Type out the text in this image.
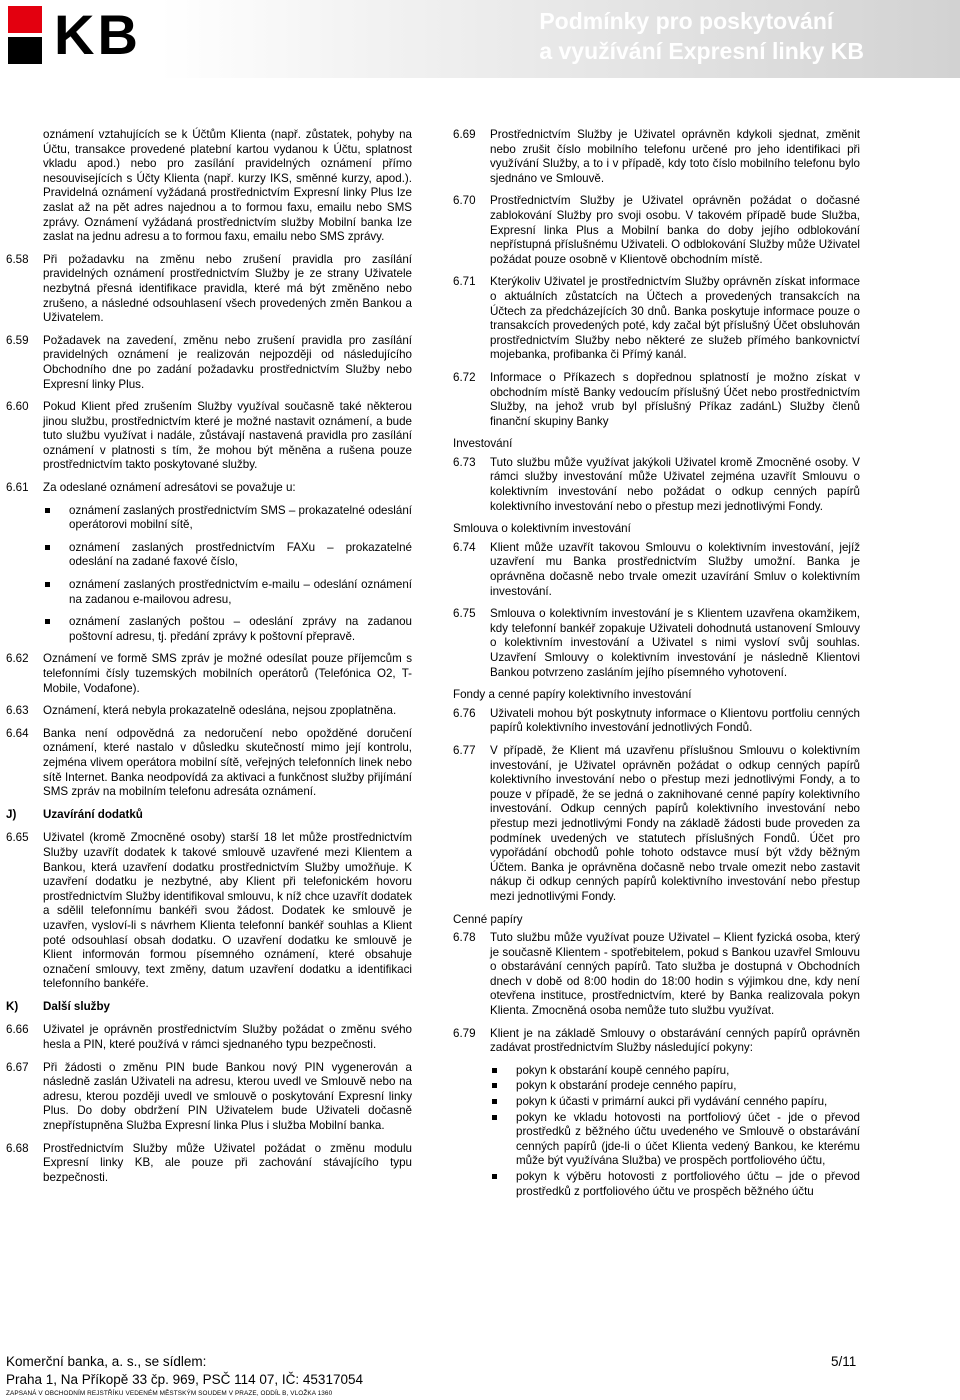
KB	Podmínky pro poskytování
a využívání Expresní linky KB

oznámení vztahujících se k Účtům Klienta (např. zůstatek, pohyby na Účtu, transakce provedené platební kartou vydanou k Účtu, splatnost vkladu apod.) nebo pro zasílání pravidelných oznámení přímo nesouvisejících s Účty Klienta (např. kurzy IKS, směnné kurzy, apod.). Pravidelná oznámení vyžádaná prostřednictvím Expresní linky Plus lze zaslat až na pět adres najednou a to formou faxu, emailu nebo SMS zprávy. Oznámení vyžádaná prostřednictvím služby Mobilní banka lze zaslat na jednu adresu a to formou faxu, emailu nebo SMS zprávy.

6.58	Při požadavku na změnu nebo zrušení pravidla pro zasílání pravidelných oznámení prostřednictvím Služby je ze strany Uživatele nezbytná přesná identifikace pravidla, které má být změněno nebo zrušeno, a následné odsouhlasení všech provedených změn Bankou a Uživatelem.
6.59	Požadavek na zavedení, změnu nebo zrušení pravidla pro zasílání pravidelných oznámení je realizován nejpozději od následujícího Obchodního dne po zadání požadavku prostřednictvím Služby nebo Expresní linky Plus.
6.60	Pokud Klient před zrušením Služby využíval současně také některou jinou službu, prostřednictvím které je možné nastavit oznámení, a bude tuto službu využívat i nadále, zůstávají nastavená pravidla pro zasílání oznámení v platnosti s tím, že mohou být měněna a rušena pouze prostřednictvím takto poskytované služby.
6.61	Za odeslané oznámení adresátovi se považuje u:
oznámení zaslaných prostřednictvím SMS – prokazatelné odeslání operátorovi mobilní sítě,
oznámení zaslaných prostřednictvím FAXu – prokazatelné odeslání na zadané faxové číslo,
oznámení zaslaných prostřednictvím e-mailu – odeslání oznámení na zadanou e-mailovou adresu,
oznámení zaslaných poštou – odeslání zprávy na zadanou poštovní adresu, tj. předání zprávy k poštovní přepravě.
6.62	Oznámení ve formě SMS zpráv je možné odesílat pouze příjemcům s telefonními čísly tuzemských mobilních operátorů (Telefónica O2, T-Mobile, Vodafone).
6.63	Oznámení, která nebyla prokazatelně odeslána, nejsou zpoplatněna.
6.64	Banka není odpovědná za nedoručení nebo opožděné doručení oznámení, které nastalo v důsledku skutečností mimo její kontrolu, zejména vlivem operátora mobilní sítě, veřejných telefonních linek nebo sítě Internet. Banka neodpovídá za aktivaci a funkčnost služby přijímání SMS zpráv na mobilním telefonu adresáta oznámení.
J)	Uzavírání dodatků
6.65	Uživatel (kromě Zmocněné osoby) starší 18 let může prostřednictvím Služby uzavřít dodatek k takové smlouvě uzavřené mezi Klientem a Bankou, která uzavření dodatku prostřednictvím Služby umožňuje. K uzavření dodatku je nezbytné, aby Klient při telefonickém hovoru prostřednictvím Služby identifikoval smlouvu, k níž chce uzavřít dodatek a sdělil telefonnímu bankéři svou žádost. Dodatek ke smlouvě je uzavřen, vysloví-li s návrhem Klienta telefonní bankéř souhlas a Klient poté odsouhlasí obsah dodatku. O uzavření dodatku ke smlouvě je Klient informován formou písemného oznámení, které obsahuje označení smlouvy, text změny, datum uzavření dodatku a identifikaci telefonního bankéře.
K)	Další služby
6.66	Uživatel je oprávněn prostřednictvím Služby požádat o změnu svého hesla a PIN, které používá v rámci sjednaného typu bezpečnosti.
6.67	Při žádosti o změnu PIN bude Bankou nový PIN vygenerován a následně zaslán Uživateli na adresu, kterou uvedl ve Smlouvě nebo na adresu, kterou později uvedl ve smlouvě o poskytování Expresní linky Plus. Do doby obdržení PIN Uživatelem bude Uživateli dočasně znepřístupněna Služba Expresní linka Plus i služba Mobilní banka.
6.68	Prostřednictvím Služby může Uživatel požádat o změnu modulu Expresní linky KB, ale pouze při zachování stávajícího typu bezpečnosti.
6.69	Prostřednictvím Služby je Uživatel oprávněn kdykoli sjednat, změnit nebo zrušit číslo mobilního telefonu určené pro jeho identifikaci při využívání Služby, a to i v případě, kdy toto číslo mobilního telefonu bylo sjednáno ve Smlouvě.
6.70	Prostřednictvím Služby je Uživatel oprávněn požádat o dočasné zablokování Služby pro svoji osobu. V takovém případě bude Služba, Expresní linka Plus a Mobilní banka do doby jejího odblokování nepřístupná příslušnému Uživateli. O odblokování Služby může Uživatel požádat pouze osobně v Klientově obchodním místě.
6.71	Kterýkoliv Uživatel je prostřednictvím Služby oprávněn získat informace o aktuálních zůstatcích na Účtech a provedených transakcích na Účtech za předcházejících 30 dnů. Banka poskytuje informace pouze o transakcích provedených poté, kdy začal být příslušný Účet obsluhován prostřednictvím Služby nebo některé ze služeb přímého bankovnictví mojebanka, profibanka či Přímý kanál.
6.72	Informace o Příkazech s dopřednou splatností je možno získat v obchodním místě Banky vedoucím příslušný Účet nebo prostřednictvím Služby, na jehož vrub byl příslušný Příkaz zadánL) Služby členů finanční skupiny Banky
Investování
6.73	Tuto službu může využívat jakýkoli Uživatel kromě Zmocněné osoby. V rámci služby investování může Uživatel zejména uzavřít Smlouvu o kolektivním investování nebo požádat o odkup cenných papírů kolektivního investování nebo o přestup mezi jednotlivými Fondy.
Smlouva o kolektivním investování
6.74	Klient může uzavřít takovou Smlouvu o kolektivním investování, jejíž uzavření mu Banka prostřednictvím Služby umožní. Banka je oprávněna dočasně nebo trvale omezit uzavírání Smluv o kolektivním investování.
6.75	Smlouva o kolektivním investování je s Klientem uzavřena okamžikem, kdy telefonní bankéř zopakuje Uživateli dohodnutá ustanovení Smlouvy o kolektivním investování a Uživatel s nimi vysloví svůj souhlas. Uzavření Smlouvy o kolektivním investování je následně Klientovi Bankou potvrzeno zasláním jejího písemného vyhotovení.
Fondy a cenné papíry kolektivního investování
6.76	Uživateli mohou být poskytnuty informace o Klientovu portfoliu cenných papírů kolektivního investování jednotlivých Fondů.
6.77	V případě, že Klient má uzavřenu příslušnou Smlouvu o kolektivním investování, je Uživatel oprávněn požádat o odkup cenných papírů kolektivního investování nebo o přestup mezi jednotlivými Fondy, a to pouze v případě, že se jedná o zaknihované cenné papíry kolektivního investování. Odkup cenných papírů kolektivního investování nebo přestup mezi jednotlivými Fondy na základě žádosti bude proveden za podmínek uvedených ve statutech příslušných Fondů. Účet pro vypořádání obchodů pohle tohoto odstavce musí být vždy běžným Účtem. Banka je oprávněna dočasně nebo trvale omezit nebo zastavit nákup či odkup cenných papírů kolektivního investování nebo přestup mezi jednotlivými Fondy.
Cenné papíry
6.78	Tuto službu může využívat pouze Uživatel – Klient fyzická osoba, který je současně Klientem - spotřebitelem, pokud s Bankou uzavřel Smlouvu o obstarávání cenných papírů. Tato služba je dostupná v Obchodních dnech v době od 8:00 hodin do 18:00 hodin s výjimkou dne, kdy není otevřena instituce, prostřednictvím, které by Banka realizovala pokyn Klienta. Zmocněná osoba nemůže tuto službu využívat.
6.79	Klient je na základě Smlouvy o obstarávání cenných papírů oprávněn zadávat prostřednictvím Služby následující pokyny:
pokyn k obstarání koupě cenného papíru,
pokyn k obstarání prodeje cenného papíru,
pokyn k účasti v primární aukci při vydávání cenného papíru,
pokyn ke vkladu hotovosti na portfoliový účet - jde o převod prostředků z běžného účtu uvedeného ve Smlouvě o obstarávání cenných papírů (jde-li o účet Klienta vedený Bankou, ke kterému může být využívána Služba) ve prospěch portfoliového účtu,
pokyn k výběru hotovosti z portfoliového účtu – jde o převod prostředků z portfoliového účtu ve prospěch běžného účtu
Komerční banka, a. s., se sídlem:	5/11
Praha 1, Na Příkopě 33 čp. 969, PSČ 114 07, IČ: 45317054
ZAPSANÁ V OBCHODNÍM REJSTŘÍKU VEDENÉM MĚSTSKÝM SOUDEM V PRAZE, ODDÍL B, VLOŽKA 1360
